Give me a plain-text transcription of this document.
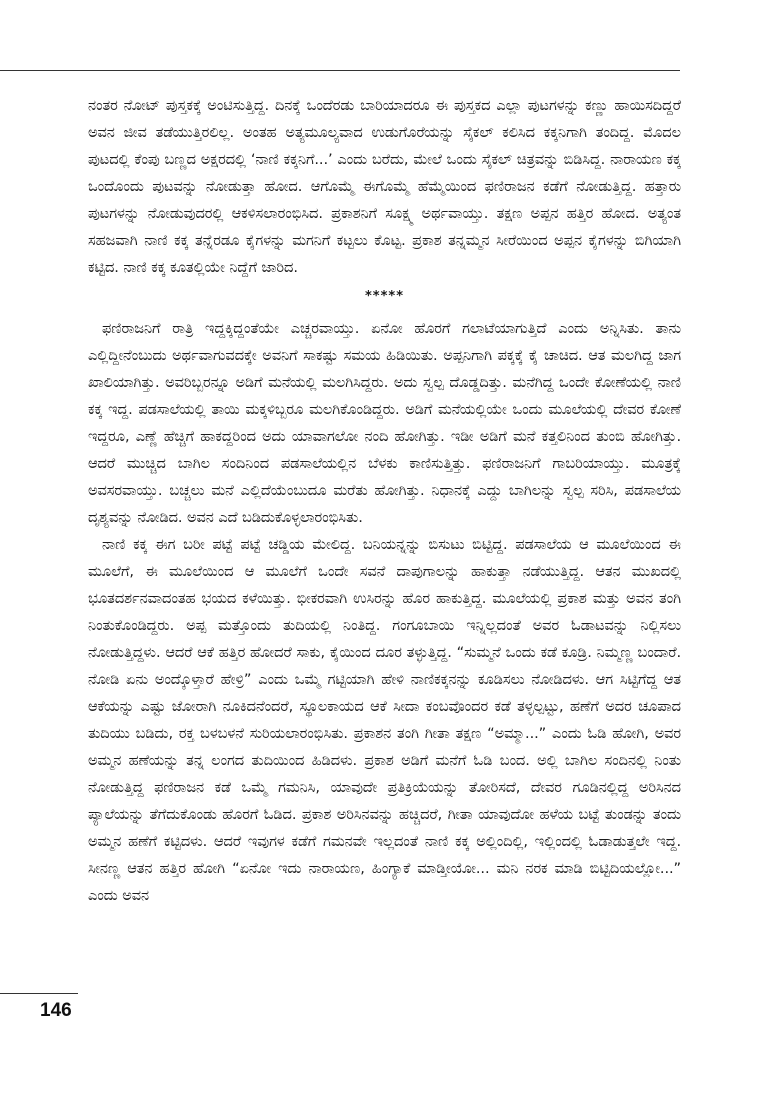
ನಂತರ ನೋಟ್ ಪುಸ್ತಕಕ್ಕೆ ಅಂಟಿಸುತ್ತಿದ್ದ. ದಿನಕ್ಕೆ ಒಂದೆರಡು ಬಾರಿಯಾದರೂ ಈ ಪುಸ್ತಕದ ಎಲ್ಲಾ ಪುಟಗಳನ್ನು ಕಣ್ಣು ಹಾಯಿಸದಿದ್ದರೆ ಅವನ ಜೀವ ತಡೆಯುತ್ತಿರಲಿಲ್ಲ. ಅಂತಹ ಅತ್ಯಮೂಲ್ಯವಾದ ಉಡುಗೊರೆಯನ್ನು ಸೈಕಲ್ ಕಲಿಸಿದ ಕಕ್ಕನಿಗಾಗಿ ತಂದಿದ್ದ. ಮೊದಲ ಪುಟದಲ್ಲಿ ಕೆಂಪು ಬಣ್ಣದ ಅಕ್ಷರದಲ್ಲಿ ‘ನಾಣಿ ಕಕ್ಕನಿಗೆ...’ ಎಂದು ಬರೆದು, ಮೇಲೆ ಒಂದು ಸೈಕಲ್ ಚಿತ್ರವನ್ನು ಬಿಡಿಸಿದ್ದ. ನಾರಾಯಣ ಕಕ್ಕ ಒಂದೊಂದು ಪುಟವನ್ನು ನೋಡುತ್ತಾ ಹೋದ. ಆಗೊಮ್ಮೆ ಈಗೊಮ್ಮೆ ಹೆಮ್ಮೆಯಿಂದ ಫಣಿರಾಜನ ಕಡೆಗೆ ನೋಡುತ್ತಿದ್ದ. ಹತ್ತಾರು ಪುಟಗಳನ್ನು ನೋಡುವುದರಲ್ಲಿ ಆಕಳಿಸಲಾರಂಭಿಸಿದ. ಪ್ರಕಾಶನಿಗೆ ಸೂಕ್ಷ್ಮ ಅರ್ಥವಾಯ್ತು. ತಕ್ಷಣ ಅಪ್ಪನ ಹತ್ತಿರ ಹೋದ. ಅತ್ಯಂತ ಸಹಜವಾಗಿ ನಾಣಿ ಕಕ್ಕ ತನ್ನೆರಡೂ ಕೈಗಳನ್ನು ಮಗನಿಗೆ ಕಟ್ಟಲು ಕೊಟ್ಟ. ಪ್ರಕಾಶ ತನ್ನಮ್ಮನ ಸೀರೆಯಿಂದ ಅಪ್ಪನ ಕೈಗಳನ್ನು ಬಿಗಿಯಾಗಿ ಕಟ್ಟಿದ. ನಾಣಿ ಕಕ್ಕ ಕೂತಲ್ಲಿಯೇ ನಿದ್ದೆಗೆ ಜಾರಿದ.

*****

ಫಣಿರಾಜನಿಗೆ ರಾತ್ರಿ ಇದ್ದಕ್ಕಿದ್ದಂತೆಯೇ ಎಚ್ಚರವಾಯ್ತು. ಏನೋ ಹೊರಗೆ ಗಲಾಟೆಯಾಗುತ್ತಿದೆ ಎಂದು ಅನ್ನಿಸಿತು. ತಾನು ಎಲ್ಲಿದ್ದೀನೆಂಬುದು ಅರ್ಥವಾಗುವದಕ್ಕೇ ಅವನಿಗೆ ಸಾಕಷ್ಟು ಸಮಯ ಹಿಡಿಯಿತು. ಅಪ್ಪನಿಗಾಗಿ ಪಕ್ಕಕ್ಕೆ ಕೈ ಚಾಚಿದ. ಆತ ಮಲಗಿದ್ದ ಜಾಗ ಖಾಲಿಯಾಗಿತ್ತು. ಅವರಿಬ್ಬರನ್ನೂ ಅಡಿಗೆ ಮನೆಯಲ್ಲಿ ಮಲಗಿಸಿದ್ದರು. ಅದು ಸ್ವಲ್ಪ ದೊಡ್ಡದಿತ್ತು. ಮನೆಗಿದ್ದ ಒಂದೇ ಕೋಣೆಯಲ್ಲಿ ನಾಣಿ ಕಕ್ಕ ಇದ್ದ. ಪಡಸಾಲೆಯಲ್ಲಿ ತಾಯಿ ಮಕ್ಕಳಿಬ್ಬರೂ ಮಲಗಿಕೊಂಡಿದ್ದರು. ಅಡಿಗೆ ಮನೆಯಲ್ಲಿಯೇ ಒಂದು ಮೂಲೆಯಲ್ಲಿ ದೇವರ ಕೋಣೆ ಇದ್ದರೂ, ಎಣ್ಣೆ ಹೆಚ್ಚಿಗೆ ಹಾಕದ್ದರಿಂದ ಅದು ಯಾವಾಗಲೋ ನಂದಿ ಹೋಗಿತ್ತು. ಇಡೀ ಅಡಿಗೆ ಮನೆ ಕತ್ತಲಿನಿಂದ ತುಂಬಿ ಹೋಗಿತ್ತು. ಆದರೆ ಮುಚ್ಚಿದ ಬಾಗಿಲ ಸಂದಿನಿಂದ ಪಡಸಾಲೆಯಲ್ಲಿನ ಬೆಳಕು ಕಾಣಿಸುತ್ತಿತ್ತು. ಫಣಿರಾಜನಿಗೆ ಗಾಬರಿಯಾಯ್ತು. ಮೂತ್ರಕ್ಕೆ ಅವಸರವಾಯ್ತು. ಬಚ್ಚಲು ಮನೆ ಎಲ್ಲಿದೆಯೆಂಬುದೂ ಮರೆತು ಹೋಗಿತ್ತು. ನಿಧಾನಕ್ಕೆ ಎದ್ದು ಬಾಗಿಲನ್ನು ಸ್ವಲ್ಪ ಸರಿಸಿ, ಪಡಸಾಲೆಯ ದೃಶ್ಯವನ್ನು ನೋಡಿದ. ಅವನ ಎದೆ ಬಡಿದುಕೊಳ್ಳಲಾರಂಭಿಸಿತು.

ನಾಣಿ ಕಕ್ಕ ಈಗ ಬರೀ ಪಟ್ಟೆ ಪಟ್ಟೆ ಚಡ್ಡಿಯ ಮೇಲಿದ್ದ. ಬನಿಯನ್ನನ್ನು ಬಿಸುಟು ಬಿಟ್ಟಿದ್ದ. ಪಡಸಾಲೆಯ ಆ ಮೂಲೆಯಿಂದ ಈ ಮೂಲೆಗೆ, ಈ ಮೂಲೆಯಿಂದ ಆ ಮೂಲೆಗೆ ಒಂದೇ ಸವನೆ ದಾಪುಗಾಲನ್ನು ಹಾಕುತ್ತಾ ನಡೆಯುತ್ತಿದ್ದ. ಆತನ ಮುಖದಲ್ಲಿ ಭೂತದರ್ಶನವಾದಂತಹ ಭಯದ ಕಳೆಯಿತ್ತು. ಭೀಕರವಾಗಿ ಉಸಿರನ್ನು ಹೊರ ಹಾಕುತ್ತಿದ್ದ. ಮೂಲೆಯಲ್ಲಿ ಪ್ರಕಾಶ ಮತ್ತು ಅವನ ತಂಗಿ ನಿಂತುಕೊಂಡಿದ್ದರು. ಅಪ್ಪ ಮತ್ತೊಂದು ತುದಿಯಲ್ಲಿ ನಿಂತಿದ್ದ. ಗಂಗೂಬಾಯಿ ಇನ್ನಿಲ್ಲದಂತೆ ಅವರ ಓಡಾಟವನ್ನು ನಿಲ್ಲಿಸಲು ನೋಡುತ್ತಿದ್ದಳು. ಆದರೆ ಆಕೆ ಹತ್ತಿರ ಹೋದರೆ ಸಾಕು, ಕೈಯಿಂದ ದೂರ ತಳ್ಳುತ್ತಿದ್ದ. “ಸುಮ್ಮನೆ ಒಂದು ಕಡೆ ಕೂಡ್ರಿ. ನಿಮ್ಮಣ್ಣ ಬಂದಾರೆ. ನೋಡಿ ಏನು ಅಂದ್ಕೊಳ್ತಾರೆ ಹೇಳ್ರಿ” ಎಂದು ಒಮ್ಮೆ ಗಟ್ಟಿಯಾಗಿ ಹೇಳಿ ನಾಣಿಕಕ್ಕನನ್ನು ಕೂಡಿಸಲು ನೋಡಿದಳು. ಆಗ ಸಿಟ್ಟಿಗೆದ್ದ ಆತ ಆಕೆಯನ್ನು ಎಷ್ಟು ಜೋರಾಗಿ ನೂಕಿದನೆಂದರೆ, ಸ್ಥೂಲಕಾಯದ ಆಕೆ ಸೀದಾ ಕಂಬವೊಂದರ ಕಡೆ ತಳ್ಳಲ್ಪಟ್ಟು, ಹಣೆಗೆ ಅದರ ಚೂಪಾದ ತುದಿಯು ಬಡಿದು, ರಕ್ತ ಬಳಬಳನೆ ಸುರಿಯಲಾರಂಭಿಸಿತು. ಪ್ರಕಾಶನ ತಂಗಿ ಗೀತಾ ತಕ್ಷಣ “ಅಮ್ಮಾ...” ಎಂದು ಓಡಿ ಹೋಗಿ, ಅವರ ಅಮ್ಮನ ಹಣೆಯನ್ನು ತನ್ನ ಲಂಗದ ತುದಿಯಿಂದ ಹಿಡಿದಳು. ಪ್ರಕಾಶ ಅಡಿಗೆ ಮನೆಗೆ ಓಡಿ ಬಂದ. ಅಲ್ಲಿ ಬಾಗಿಲ ಸಂದಿನಲ್ಲಿ ನಿಂತು ನೋಡುತ್ತಿದ್ದ ಫಣಿರಾಜನ ಕಡೆ ಒಮ್ಮೆ ಗಮನಿಸಿ, ಯಾವುದೇ ಪ್ರತಿಕ್ರಿಯೆಯನ್ನು ತೋರಿಸದೆ, ದೇವರ ಗೂಡಿನಲ್ಲಿದ್ದ ಅರಿಸಿನದ ಪ್ಯಾಲೆಯನ್ನು ತೆಗೆದುಕೊಂಡು ಹೊರಗೆ ಓಡಿದ. ಪ್ರಕಾಶ ಅರಿಸಿನವನ್ನು ಹಚ್ಚಿದರೆ, ಗೀತಾ ಯಾವುದೋ ಹಳೆಯ ಬಟ್ಟೆ ತುಂಡನ್ನು ತಂದು ಅಮ್ಮನ ಹಣೆಗೆ ಕಟ್ಟಿದಳು. ಆದರೆ ಇವುಗಳ ಕಡೆಗೆ ಗಮನವೇ ಇಲ್ಲದಂತೆ ನಾಣಿ ಕಕ್ಕ ಅಲ್ಲಿಂದಿಲ್ಲಿ, ಇಲ್ಲಿಂದಲ್ಲಿ ಓಡಾಡುತ್ತಲೇ ಇದ್ದ. ಸೀನಣ್ಣ ಆತನ ಹತ್ತಿರ ಹೋಗಿ “ಏನೋ ಇದು ನಾರಾಯಣ, ಹಿಂಗ್ಯಾಕೆ ಮಾಡ್ತೀಯೋ... ಮನಿ ನರಕ ಮಾಡಿ ಬಿಟ್ಟಿದಿಯಲ್ಲೋ...” ಎಂದು ಅವನ

146
